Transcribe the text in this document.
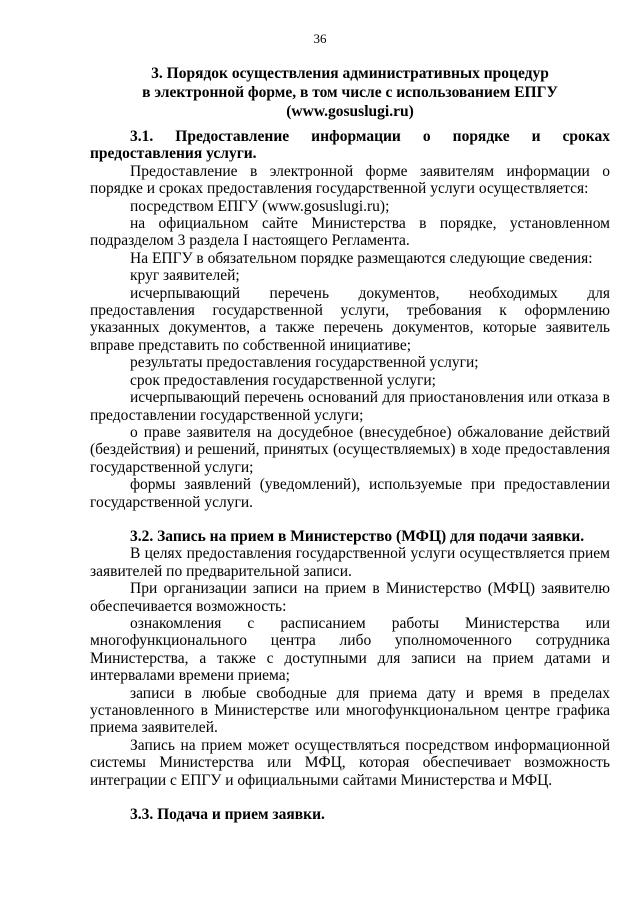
36
3. Порядок осуществления административных процедур
в электронной форме, в том числе с использованием ЕПГУ
(www.gosuslugi.ru)
3.1. Предоставление информации о порядке и сроках предоставления услуги.
Предоставление в электронной форме заявителям информации о порядке и сроках предоставления государственной услуги осуществляется:
посредством ЕПГУ (www.gosuslugi.ru);
на официальном сайте Министерства в порядке, установленном подразделом 3 раздела I настоящего Регламента.
На ЕПГУ в обязательном порядке размещаются следующие сведения:
круг заявителей;
исчерпывающий перечень документов, необходимых для предоставления государственной услуги, требования к оформлению указанных документов, а также перечень документов, которые заявитель вправе представить по собственной инициативе;
результаты предоставления государственной услуги;
срок предоставления государственной услуги;
исчерпывающий перечень оснований для приостановления или отказа в предоставлении государственной услуги;
о праве заявителя на досудебное (внесудебное) обжалование действий (бездействия) и решений, принятых (осуществляемых) в ходе предоставления государственной услуги;
формы заявлений (уведомлений), используемые при предоставлении государственной услуги.
3.2. Запись на прием в Министерство (МФЦ) для подачи заявки.
В целях предоставления государственной услуги осуществляется прием заявителей по предварительной записи.
При организации записи на прием в Министерство (МФЦ) заявителю обеспечивается возможность:
ознакомления с расписанием работы Министерства или многофункционального центра либо уполномоченного сотрудника Министерства, а также с доступными для записи на прием датами и интервалами времени приема;
записи в любые свободные для приема дату и время в пределах установленного в Министерстве или многофункциональном центре графика приема заявителей.
Запись на прием может осуществляться посредством информационной системы Министерства или МФЦ, которая обеспечивает возможность интеграции с ЕПГУ и официальными сайтами Министерства и МФЦ.
3.3. Подача и прием заявки.
